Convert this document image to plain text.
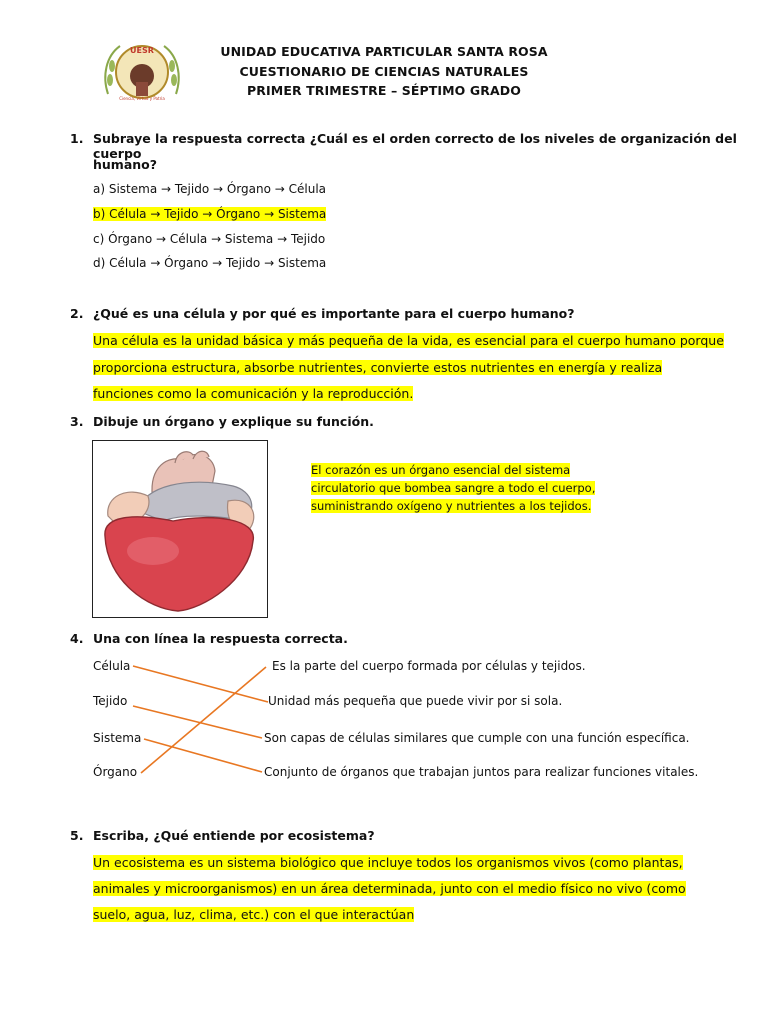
UESR
Ciencia, Virtud y Patria
UNIDAD EDUCATIVA PARTICULAR SANTA ROSA
CUESTIONARIO DE CIENCIAS NATURALES
PRIMER TRIMESTRE – SÉPTIMO GRADO
1. Subraye la respuesta correcta ¿Cuál es el orden correcto de los niveles de organización del cuerpo
humano?
a) Sistema → Tejido → Órgano → Célula
b) Célula → Tejido → Órgano → Sistema
c) Órgano → Célula → Sistema → Tejido
d) Célula → Órgano → Tejido → Sistema
2. ¿Qué es una célula y por qué es importante para el cuerpo humano?
Una célula es la unidad básica y más pequeña de la vida, es esencial para el cuerpo humano porque
proporciona estructura, absorbe nutrientes, convierte estos nutrientes en energía y realiza
funciones como la comunicación y la reproducción.
3. Dibuje un órgano y explique su función.
El corazón es un órgano esencial del sistema
circulatorio que bombea sangre a todo el cuerpo,
suministrando oxígeno y nutrientes a los tejidos.
4. Una con línea la respuesta correcta.
Célula
Tejido
Sistema
Órgano
Es la parte del cuerpo formada por células y tejidos.
Unidad más pequeña que puede vivir por si sola.
Son capas de células similares que cumple con una función específica.
Conjunto de órganos que trabajan juntos para realizar funciones vitales.
5. Escriba, ¿Qué entiende por ecosistema?
Un ecosistema es un sistema biológico que incluye todos los organismos vivos (como plantas,
animales y microorganismos) en un área determinada, junto con el medio físico no vivo (como
suelo, agua, luz, clima, etc.) con el que interactúan
